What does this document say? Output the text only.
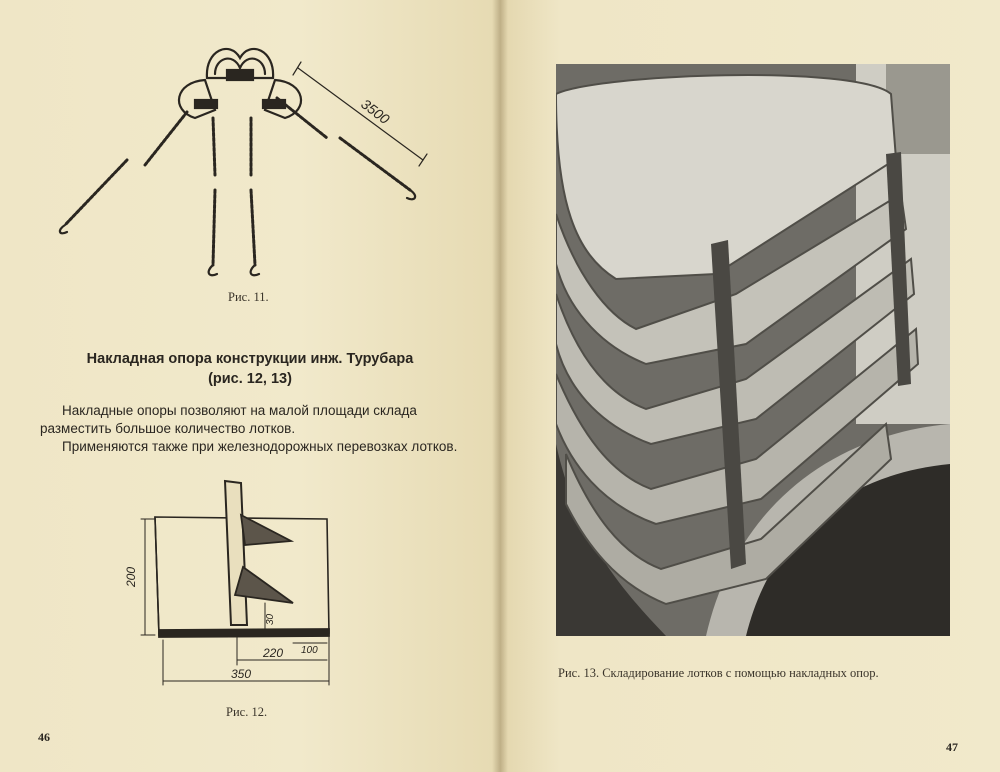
3500
Рис. 11.
Накладная опора конструкции инж. Турубара
(рис. 12, 13)

Накладные опоры позволяют на малой площади склада разместить большое количество лотков.

Применяются также при железнодорожных перевозках лотков.

200
30
220 100
350
Рис. 12.
46
47
Рис. 13. Складирование лотков с помощью накладных опор.
